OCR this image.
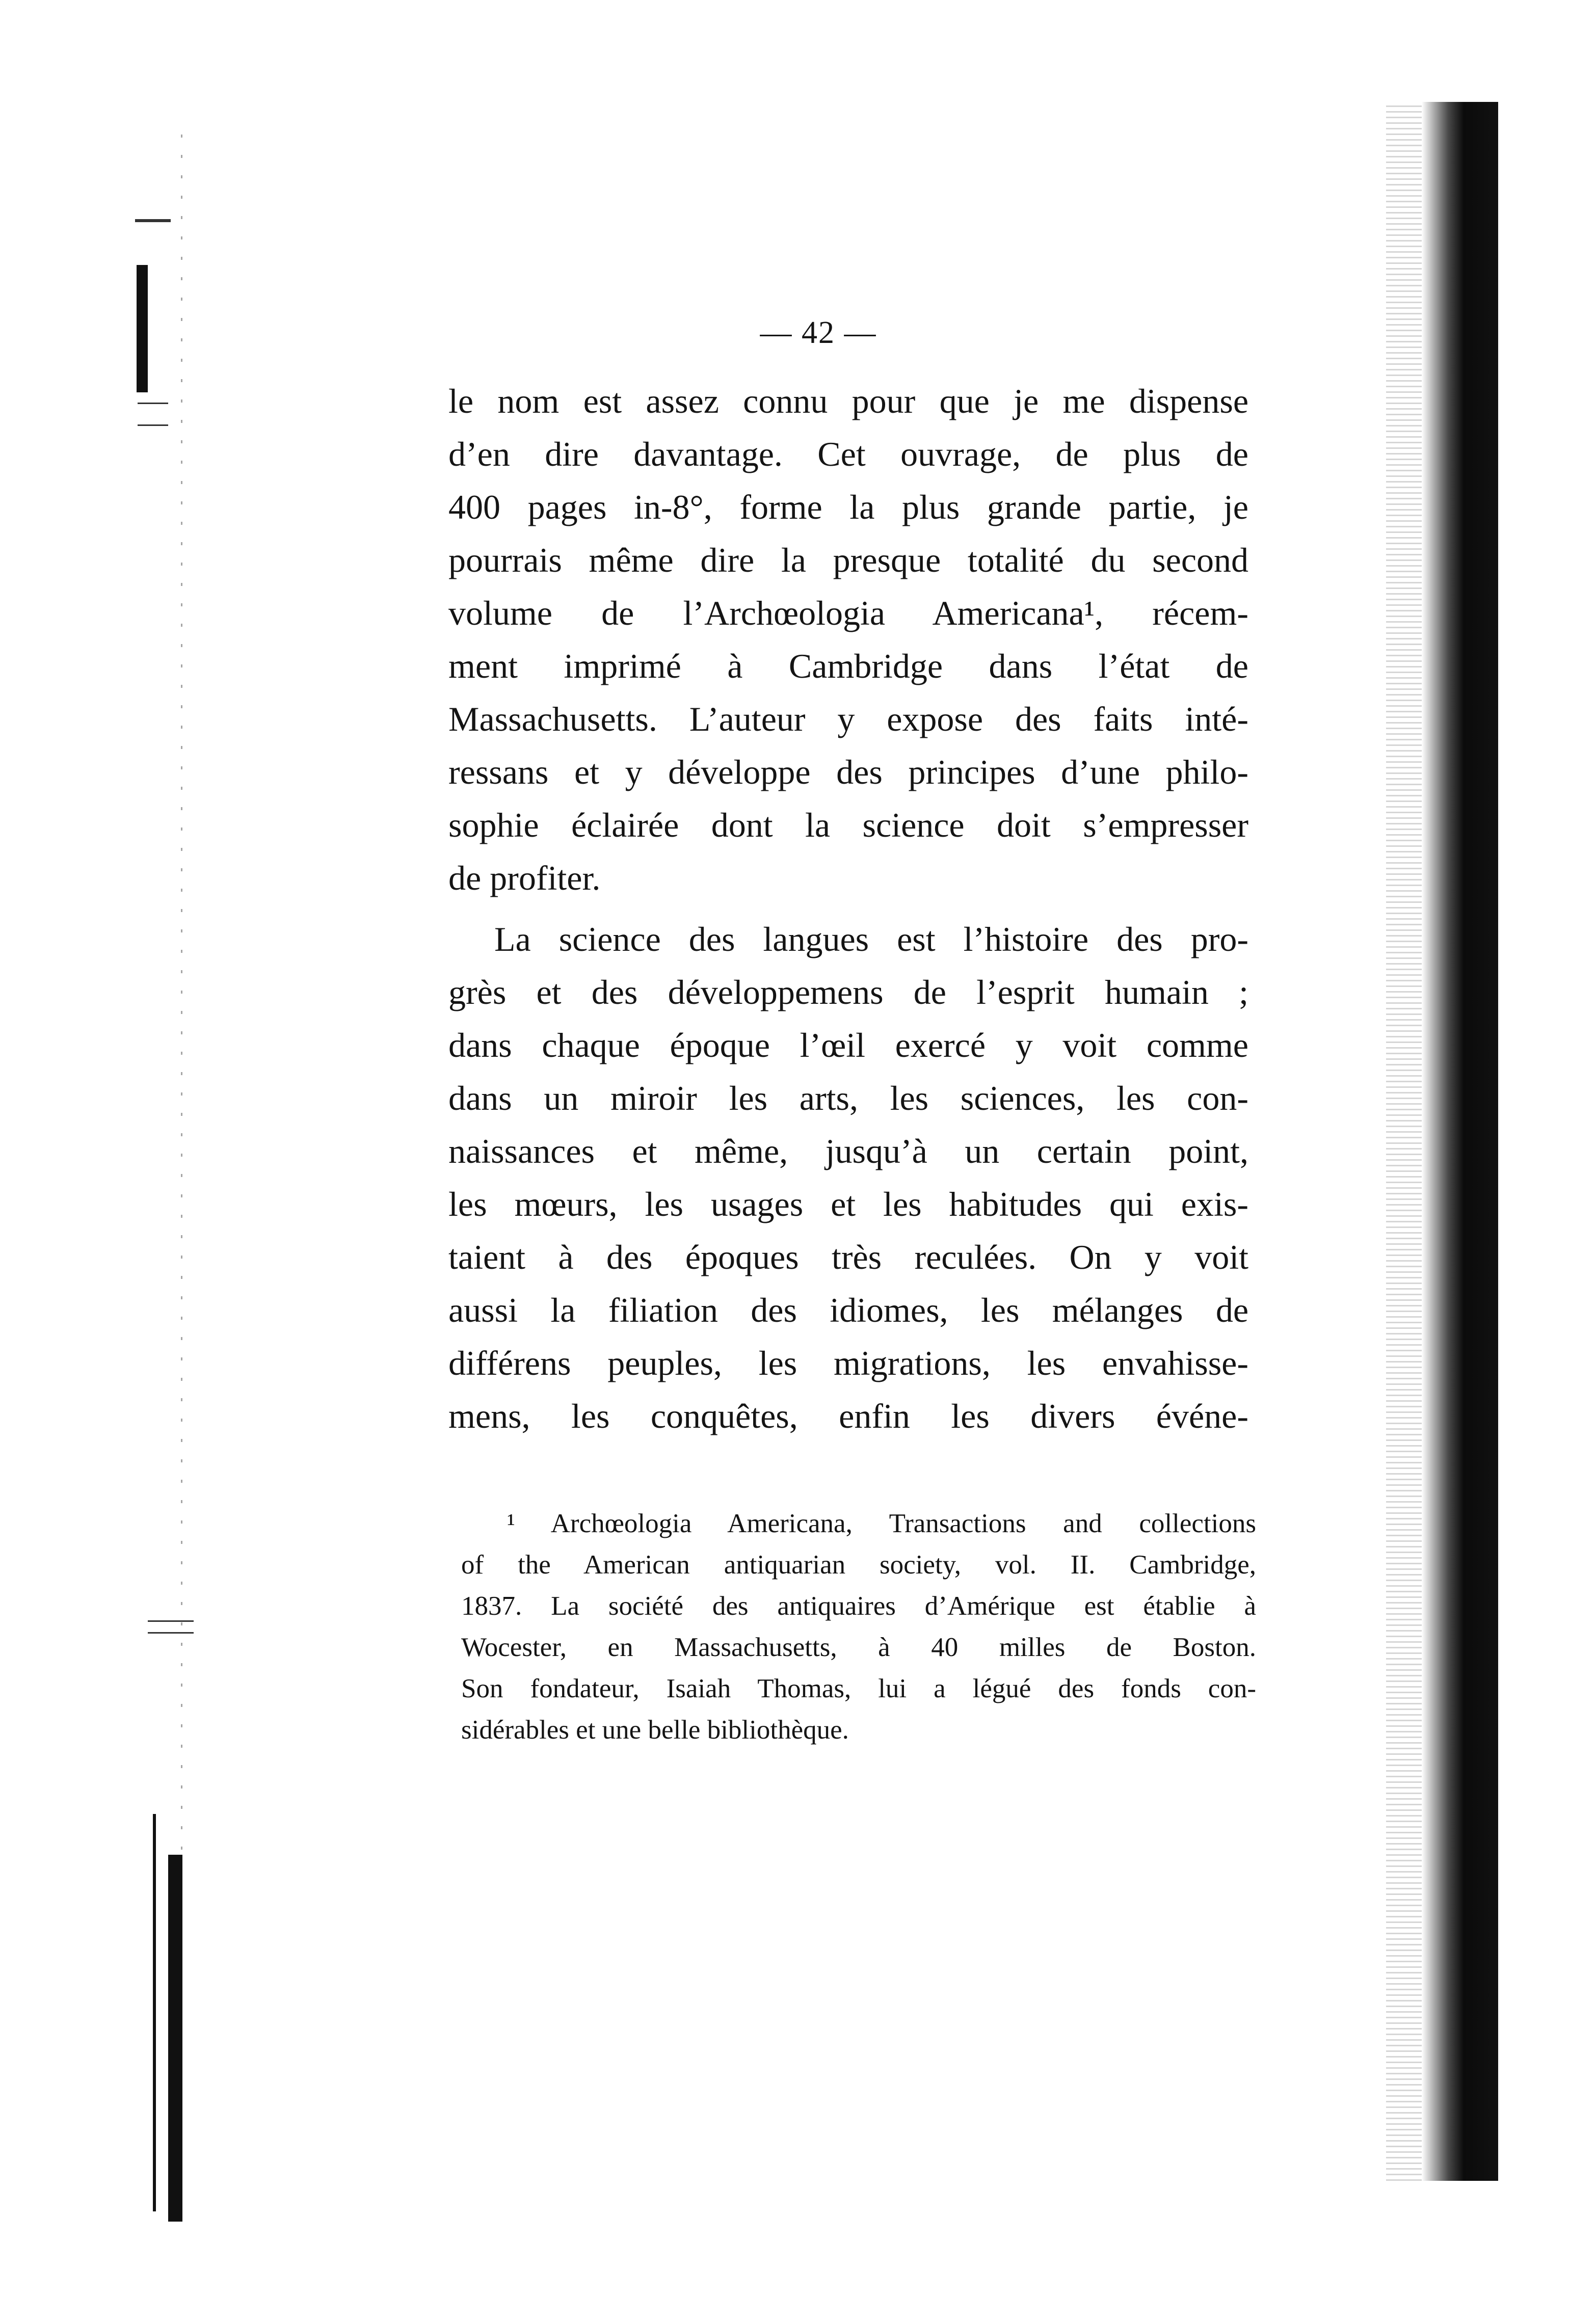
— 42 —
le nom est assez connu pour que je me dispense
d’en dire davantage. Cet ouvrage, de plus de
400 pages in-8°, forme la plus grande partie, je
pourrais même dire la presque totalité du second
volume de l’Archœologia Americana¹, récem-
ment imprimé à Cambridge dans l’état de
Massachusetts. L’auteur y expose des faits inté-
ressans et y développe des principes d’une philo-
sophie éclairée dont la science doit s’empresser
de profiter.
La science des langues est l’histoire des pro-
grès et des développemens de l’esprit humain ;
dans chaque époque l’œil exercé y voit comme
dans un miroir les arts, les sciences, les con-
naissances et même, jusqu’à un certain point,
les mœurs, les usages et les habitudes qui exis-
taient à des époques très reculées. On y voit
aussi la filiation des idiomes, les mélanges de
différens peuples, les migrations, les envahisse-
mens, les conquêtes, enfin les divers événe-
¹ Archœologia Americana, Transactions and collections
of the American antiquarian society, vol. II. Cambridge,
1837. La société des antiquaires d’Amérique est établie à
Wocester, en Massachusetts, à 40 milles de Boston.
Son fondateur, Isaiah Thomas, lui a légué des fonds con-
sidérables et une belle bibliothèque.
